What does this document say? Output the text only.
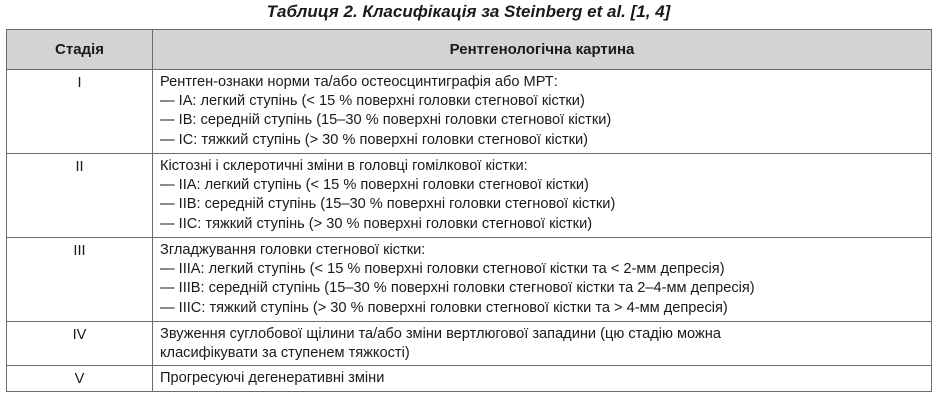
Таблиця 2. Класифікація за Steinberg et al. [1, 4]
Стадія	Рентгенологічна картина
I	Рентген-ознаки норми та/або остеосцинтиграфія або МРТ:
— IA: легкий ступінь (< 15 % поверхні головки стегнової кістки)
— IB: середній ступінь (15–30 % поверхні головки стегнової кістки)
— IC: тяжкий ступінь (> 30 % поверхні головки стегнової кістки)

II	Кістозні і склеротичні зміни в головці гомілкової кістки:
— IIA: легкий ступінь (< 15 % поверхні головки стегнової кістки)
— IIB: середній ступінь (15–30 % поверхні головки стегнової кістки)
— IIC: тяжкий ступінь (> 30 % поверхні головки стегнової кістки)

III	Згладжування головки стегнової кістки:
— IIIA: легкий ступінь (< 15 % поверхні головки стегнової кістки та < 2-мм депресія)
— IIIB: середній ступінь (15–30 % поверхні головки стегнової кістки та 2–4-мм депресія)
— IIIC: тяжкий ступінь (> 30 % поверхні головки стегнової кістки та > 4-мм депресія)

IV	Звуження суглобової щілини та/або зміни вертлюгової западини (цю стадію можна
класифікувати за ступенем тяжкості)

V	Прогресуючі дегенеративні зміни
